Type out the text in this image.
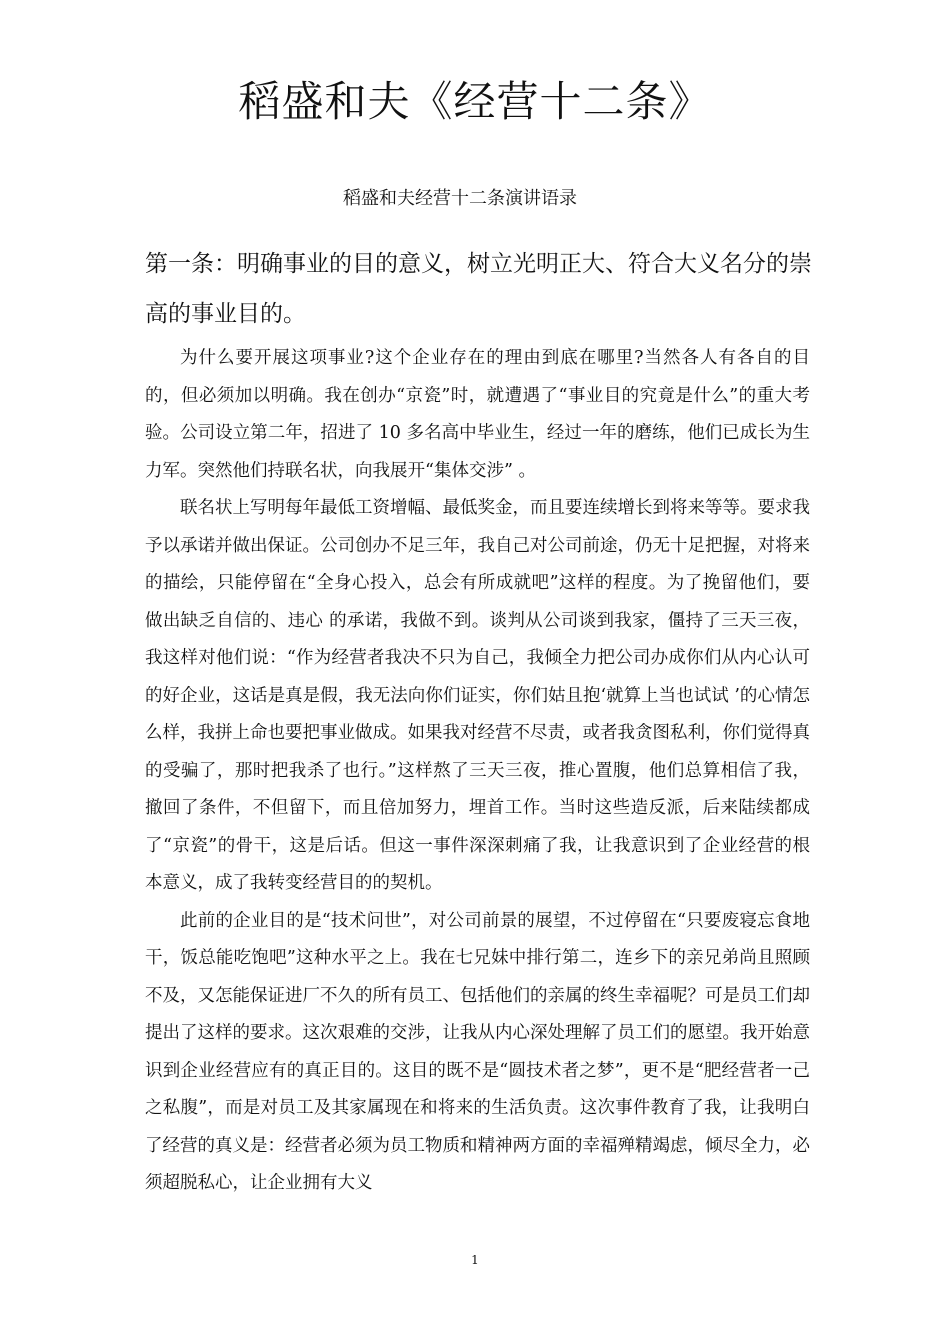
稻盛和夫《经营十二条》
稻盛和夫经营十二条演讲语录
第一条：明确事业的目的意义，树立光明正大、符合大义名分的崇高的事业目的。

为什么要开展这项事业?这个企业存在的理由到底在哪里?当然各人有各自的目的，但必须加以明确。我在创办“京瓷”时，就遭遇了“事业目的究竟是什么”的重大考验。公司设立第二年，招进了 10 多名高中毕业生，经过一年的磨练，他们已成长为生力军。突然他们持联名状，向我展开“集体交涉” 。

联名状上写明每年最低工资增幅、最低奖金，而且要连续增长到将来等等。要求我予以承诺并做出保证。公司创办不足三年，我自己对公司前途，仍无十足把握，对将来的描绘，只能停留在“全身心投入，总会有所成就吧”这样的程度。为了挽留他们，要做出缺乏自信的、违心 的承诺，我做不到。谈判从公司谈到我家，僵持了三天三夜，我这样对他们说：“作为经营者我决不只为自己，我倾全力把公司办成你们从内心认可的好企业，这话是真是假，我无法向你们证实，你们姑且抱‘就算上当也试试 ’的心情怎么样，我拼上命也要把事业做成。如果我对经营不尽责，或者我贪图私利，你们觉得真的受骗了，那时把我杀了也行。”这样熬了三天三夜，推心置腹，他们总算相信了我，撤回了条件，不但留下，而且倍加努力，埋首工作。当时这些造反派，后来陆续都成了“京瓷”的骨干，这是后话。但这一事件深深刺痛了我，让我意识到了企业经营的根本意义，成了我转变经营目的的契机。

此前的企业目的是“技术问世”，对公司前景的展望，不过停留在“只要废寝忘食地干，饭总能吃饱吧”这种水平之上。我在七兄妹中排行第二，连乡下的亲兄弟尚且照顾不及，又怎能保证进厂不久的所有员工、包括他们的亲属的终生幸福呢？可是员工们却提出了这样的要求。这次艰难的交涉，让我从内心深处理解了员工们的愿望。我开始意识到企业经营应有的真正目的。这目的既不是“圆技术者之梦”，更不是“肥经营者一己之私腹”，而是对员工及其家属现在和将来的生活负责。这次事件教育了我，让我明白了经营的真义是：经营者必须为员工物质和精神两方面的幸福殚精竭虑，倾尽全力，必须超脱私心，让企业拥有大义

1
